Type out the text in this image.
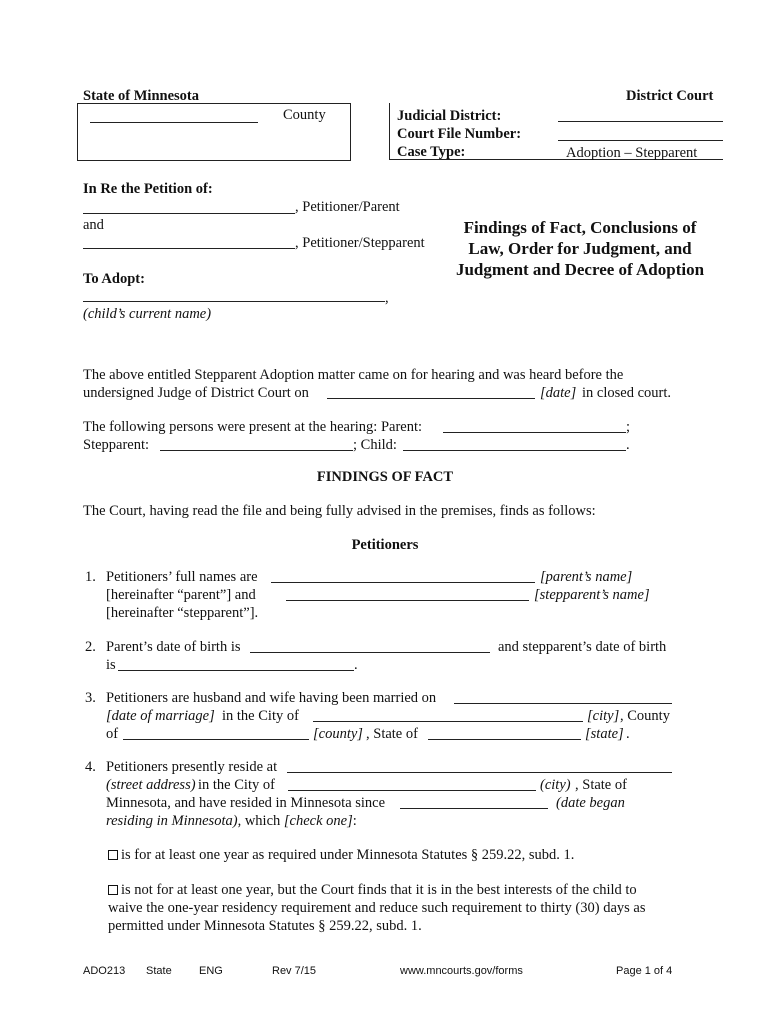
State of Minnesota	District Court
County	Judicial District:
Court File Number:
Case Type:	Adoption – Stepparent
In Re the Petition of:
, Petitioner/Parent
and
, Petitioner/Stepparent
To Adopt:
,
(child’s current name)
Findings of Fact, Conclusions of
Law, Order for Judgment, and
Judgment and Decree of Adoption
The above entitled Stepparent Adoption matter came on for hearing and was heard before the
undersigned Judge of District Court on	[date] in closed court.
The following persons were present at the hearing: Parent:	;
Stepparent:	; Child:	.
FINDINGS OF FACT
The Court, having read the file and being fully advised in the premises, finds as follows:
Petitioners
1. Petitioners’ full names are	[parent’s name]
[hereinafter “parent”] and	[stepparent’s name]
[hereinafter “stepparent”].
2. Parent’s date of birth is	and stepparent’s date of birth
is	.
3. Petitioners are husband and wife having been married on
[date of marriage] in the City of	[city] , County
of	[county] , State of	[state] .
4. Petitioners presently reside at
(street address) in the City of	(city) , State of
Minnesota, and have resided in Minnesota since	(date began
residing in Minnesota), which [check one]:
is for at least one year as required under Minnesota Statutes § 259.22, subd. 1.
is not for at least one year, but the Court finds that it is in the best interests of the child to
waive the one-year residency requirement and reduce such requirement to thirty (30) days as
permitted under Minnesota Statutes § 259.22, subd. 1.
ADO213 State ENG	Rev 7/15	www.mncourts.gov/forms	Page 1 of 4
